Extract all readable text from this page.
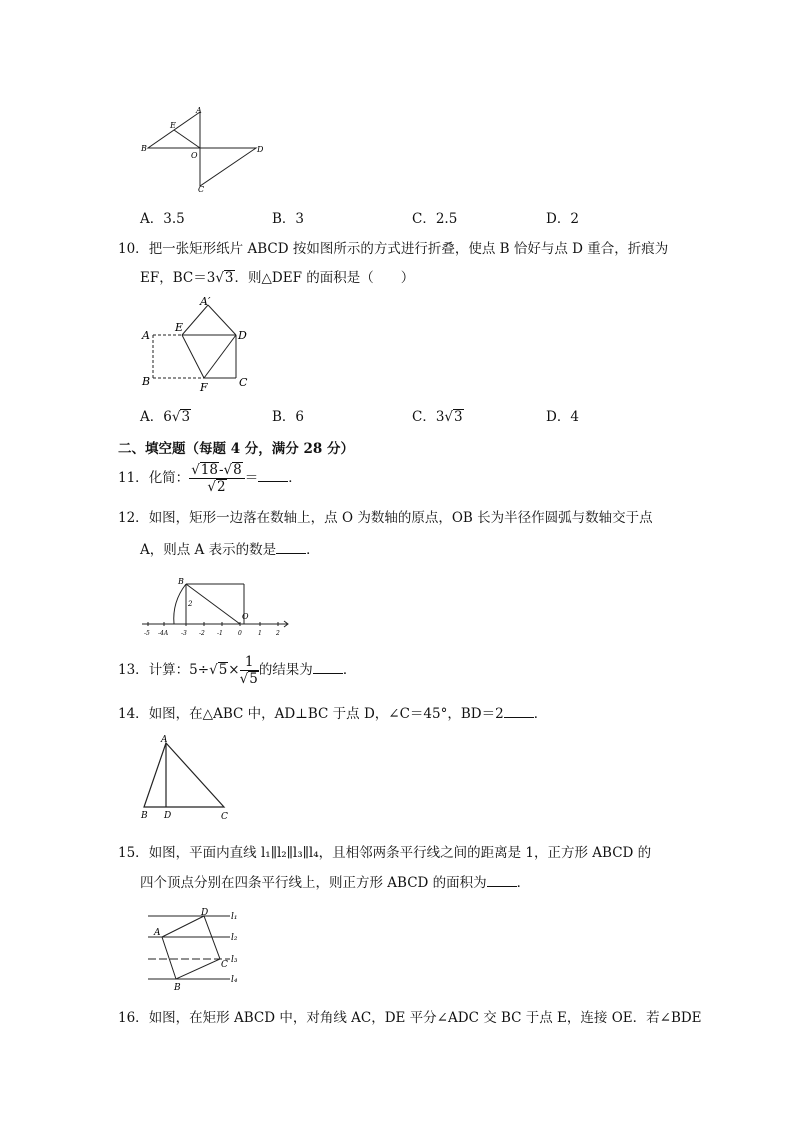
A
E
B
O
D
C
A．3.5	B．3	C．2.5	D．2
10．把一张矩形纸片 ABCD 按如图所示的方式进行折叠，使点 B 恰好与点 D 重合，折痕为
EF，BC＝3√3．则△DEF 的面积是（　　）
A′
A
E
D
B	F	C
A．6√3	B．6	C．3√3	D．4
二、填空题（每题 4 分，满分 28 分）
11．化简： $\frac{√18-√8}{√2}$ ＝ ．
12．如图，矩形一边落在数轴上，点 O 为数轴的原点，OB 长为半径作圆弧与数轴交于点
A，则点 A 表示的数是 ．
B
O
2
-5 -4A -3 -2 -1	0	1 2
13．计算：$5\div√5\times \frac{1}{√5}$ 的结果为 ．
14．如图，在△ABC 中，AD⊥BC 于点 D，∠C＝45°，BD＝2 ．
A
B D	C
15．如图，平面内直线 l₁∥l₂∥l₃∥l₄，且相邻两条平行线之间的距离是 1，正方形 ABCD 的
四个顶点分别在四条平行线上，则正方形 ABCD 的面积为 ．
D
A
C
B
l₁
l₂
l₃
l₄
16．如图，在矩形 ABCD 中，对角线 AC，DE 平分∠ADC 交 BC 于点 E，连接 OE．若∠BDE
